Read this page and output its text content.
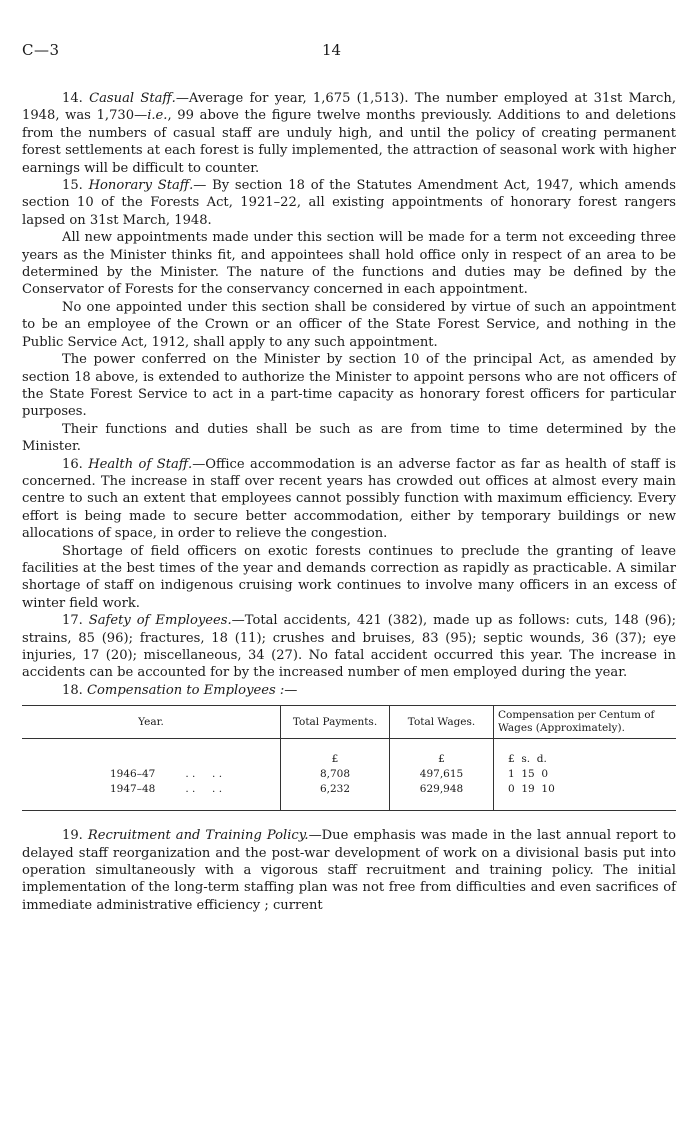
C—3	14

14. Casual Staff.—Average for year, 1,675 (1,513). The number employed at 31st March, 1948, was 1,730—i.e., 99 above the figure twelve months previously. Additions to and deletions from the numbers of casual staff are unduly high, and until the policy of creating permanent forest settlements at each forest is fully implemented, the attraction of seasonal work with higher earnings will be difficult to counter.

15. Honorary Staff.— By section 18 of the Statutes Amendment Act, 1947, which amends section 10 of the Forests Act, 1921–22, all existing appointments of honorary forest rangers lapsed on 31st March, 1948.

All new appointments made under this section will be made for a term not exceeding three years as the Minister thinks fit, and appointees shall hold office only in respect of an area to be determined by the Minister. The nature of the functions and duties may be defined by the Conservator of Forests for the conservancy concerned in each appointment.

No one appointed under this section shall be considered by virtue of such an appointment to be an employee of the Crown or an officer of the State Forest Service, and nothing in the Public Service Act, 1912, shall apply to any such appointment.

The power conferred on the Minister by section 10 of the principal Act, as amended by section 18 above, is extended to authorize the Minister to appoint persons who are not officers of the State Forest Service to act in a part-time capacity as honorary forest officers for particular purposes.

Their functions and duties shall be such as are from time to time determined by the Minister.

16. Health of Staff.—Office accommodation is an adverse factor as far as health of staff is concerned. The increase in staff over recent years has crowded out offices at almost every main centre to such an extent that employees cannot possibly function with maximum efficiency. Every effort is being made to secure better accommodation, either by temporary buildings or new allocations of space, in order to relieve the congestion.

Shortage of field officers on exotic forests continues to preclude the granting of leave facilities at the best times of the year and demands correction as rapidly as practicable. A similar shortage of staff on indigenous cruising work continues to involve many officers in an excess of winter field work.

17. Safety of Employees.—Total accidents, 421 (382), made up as follows: cuts, 148 (96); strains, 85 (96); fractures, 18 (11); crushes and bruises, 83 (95); septic wounds, 36 (37); eye injuries, 17 (20); miscellaneous, 34 (27). No fatal accident occurred this year. The increase in accidents can be accounted for by the increased number of men employed during the year.

18. Compensation to Employees :—

Year.	Total Payments.	Total Wages.	Compensation per Centum of Wages (Approximately).
	£	£	£  s.  d.
1946–47 . .     . .	8,708	497,615	1  15  0
1947–48 . .     . .	6,232	629,948	0  19  10

19. Recruitment and Training Policy.—Due emphasis was made in the last annual report to delayed staff reorganization and the post-war development of work on a divisional basis put into operation simultaneously with a vigorous staff recruitment and training policy. The initial implementation of the long-term staffing plan was not free from difficulties and even sacrifices of immediate administrative efficiency ; current
